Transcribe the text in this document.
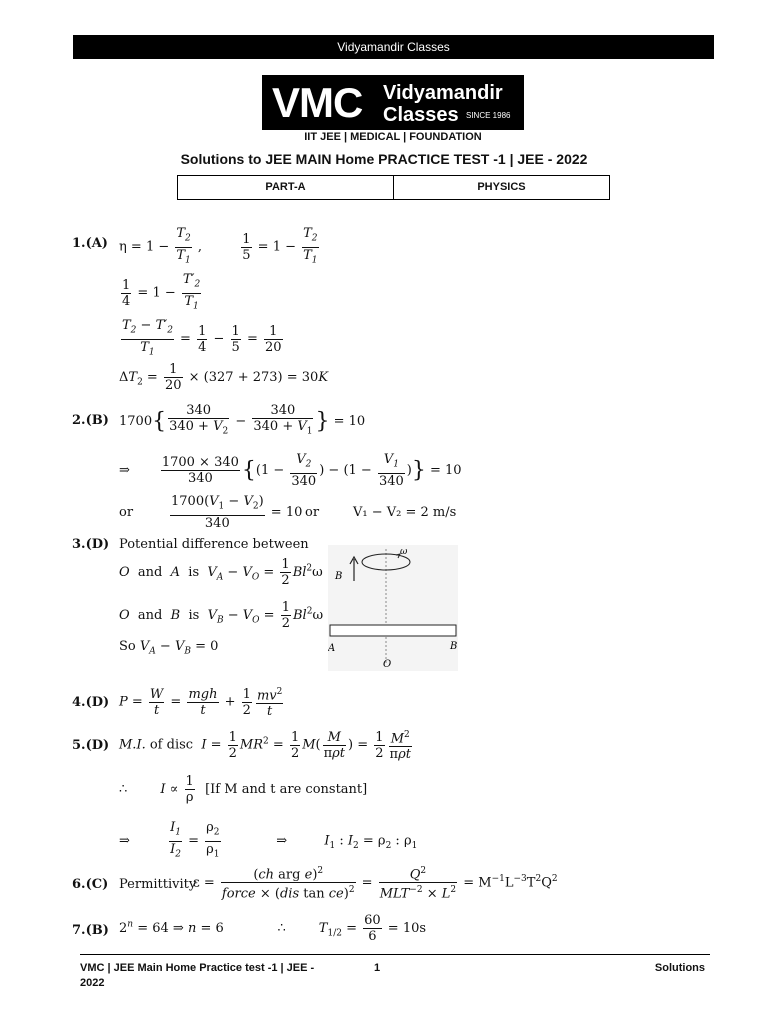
Vidyamandir Classes
VMC Vidyamandir
Classes SINCE 1986
IIT JEE | MEDICAL | FOUNDATION
Solutions to JEE MAIN Home PRACTICE TEST -1 | JEE - 2022
PART-A	PHYSICS
1.(A) $\eta = 1 - \frac{T_2}{T_1}$ , $\frac{1}{5} = 1 - \frac{T_2}{T_1}$
$\frac{1}{4} = 1 - \frac{T'_2}{T_1}$
$\frac{T_2 - T'_2}{T_1} = \frac{1}{4} - \frac{1}{5} = \frac{1}{20}$
$\Delta T_2 = \frac{1}{20} \times (327 + 273) = 30K$
2.(B) $1700\{ \frac{340}{340 + V_2} - \frac{340}{340 + V_1}$ } = 10
⇒ $\frac{1700 \times 340}{340} \{(1 - \frac{V_2}{340}$ ) − ($1 - \frac{V_1}{340}$ )} = 10
or	$\frac{1700(V_1 - V_2)}{340} = 10$ or	V₁ − V₂ = 2 m/s
3.(D) Potential difference between
O  and  A  is  $V_A - V_O = \frac{1}{2} Bl^2\omega$
O  and  B  is  $V_B - V_O = \frac{1}{2} Bl^2\omega$
So $V_A - V_B = 0$
ω
B
A	B
O
4.(D) $P = \frac{W}{t} = \frac{\text{mgh}}{t} + \frac{1}{2} \frac{mv^2}{t}$
5.(D) M.I. of disc  $I = \frac{1}{2} MR^2 = \frac{1}{2} M( \frac{M}{\text{πρt}}$ ) = $\frac{1}{2} \frac{M^2}{\text{πρt}}$
∴        $I \propto \frac{1}{\rho} [If$ M and t are constant]
⇒ $\frac{I_1}{I_2} = \frac{\rho_2}{\rho_1}$ ⇒         $I_1$ : $I_2 = \rho_2$ : $\rho_1$
6.(C) Permittivity
$\varepsilon = \frac{(ch arg e)^2}{force \times (dis \tan ce)^2} = \frac{Q^2}{MLT^{-2} \times L^2} = M^{-1}L^{-3}T^2Q^2$
7.(B) $2^n = 64$ ⇒ n = 6             ∴        $T_{1/2} = \frac{60}{6} = 10s$
VMC | JEE Main Home Practice test -1 | JEE -
2022
1	Solutions
